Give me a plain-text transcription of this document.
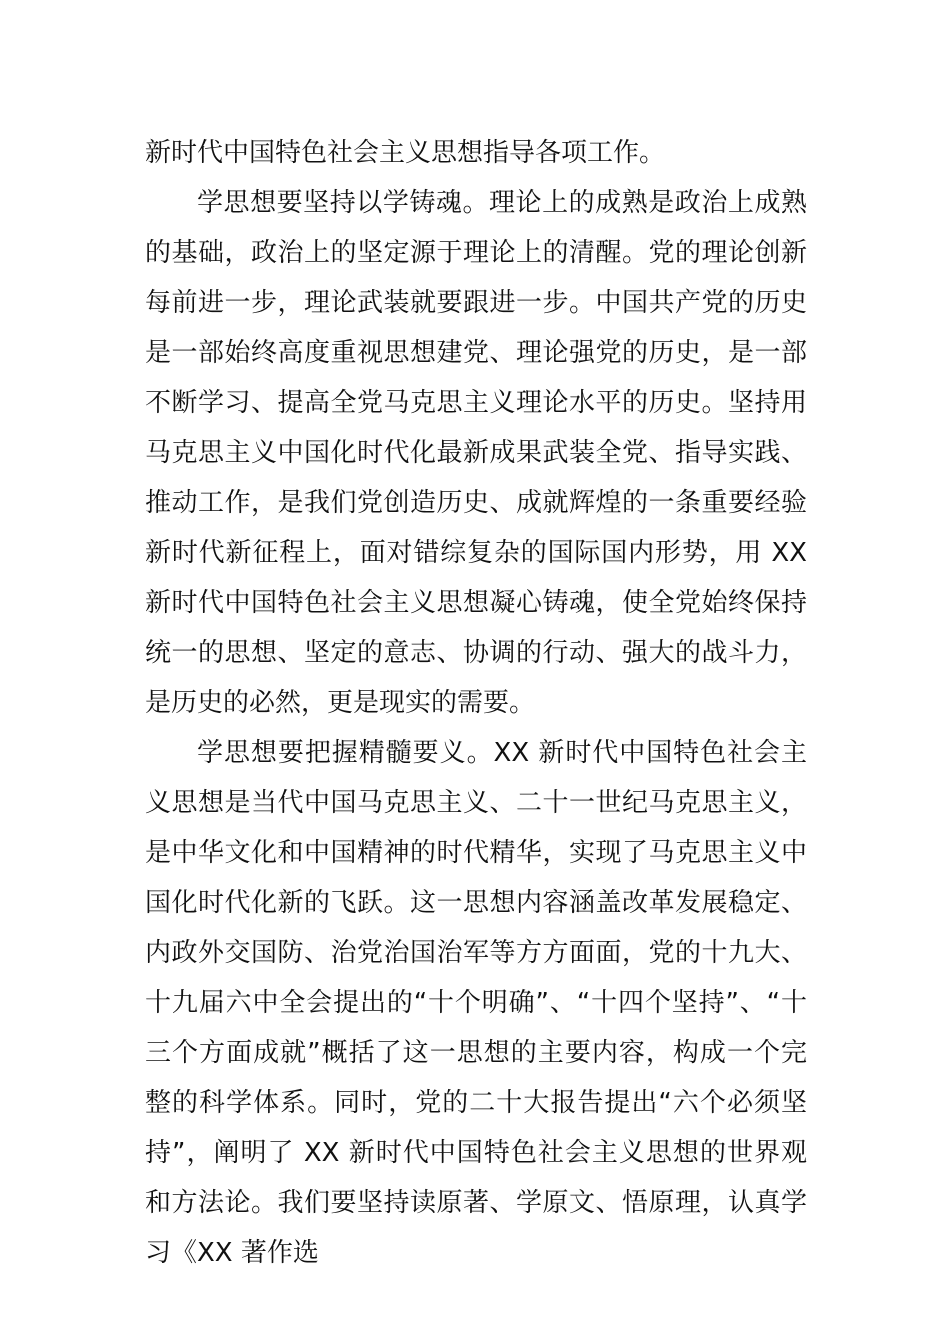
新时代中国特色社会主义思想指导各项工作。

学思想要坚持以学铸魂。理论上的成熟是政治上成熟的基础，政治上的坚定源于理论上的清醒。党的理论创新每前进一步，理论武装就要跟进一步。中国共产党的历史是一部始终高度重视思想建党、理论强党的历史，是一部不断学习、提高全党马克思主义理论水平的历史。坚持用马克思主义中国化时代化最新成果武装全党、指导实践、推动工作，是我们党创造历史、成就辉煌的一条重要经验新时代新征程上，面对错综复杂的国际国内形势，用 XX 新时代中国特色社会主义思想凝心铸魂，使全党始终保持统一的思想、坚定的意志、协调的行动、强大的战斗力，是历史的必然，更是现实的需要。

学思想要把握精髓要义。XX 新时代中国特色社会主义思想是当代中国马克思主义、二十一世纪马克思主义，是中华文化和中国精神的时代精华，实现了马克思主义中国化时代化新的飞跃。这一思想内容涵盖改革发展稳定、内政外交国防、治党治国治军等方方面面，党的十九大、十九届六中全会提出的“十个明确”、“十四个坚持”、“十三个方面成就”概括了这一思想的主要内容，构成一个完整的科学体系。同时，党的二十大报告提出“六个必须坚持”，阐明了 XX 新时代中国特色社会主义思想的世界观和方法论。我们要坚持读原著、学原文、悟原理，认真学习《XX 著作选
